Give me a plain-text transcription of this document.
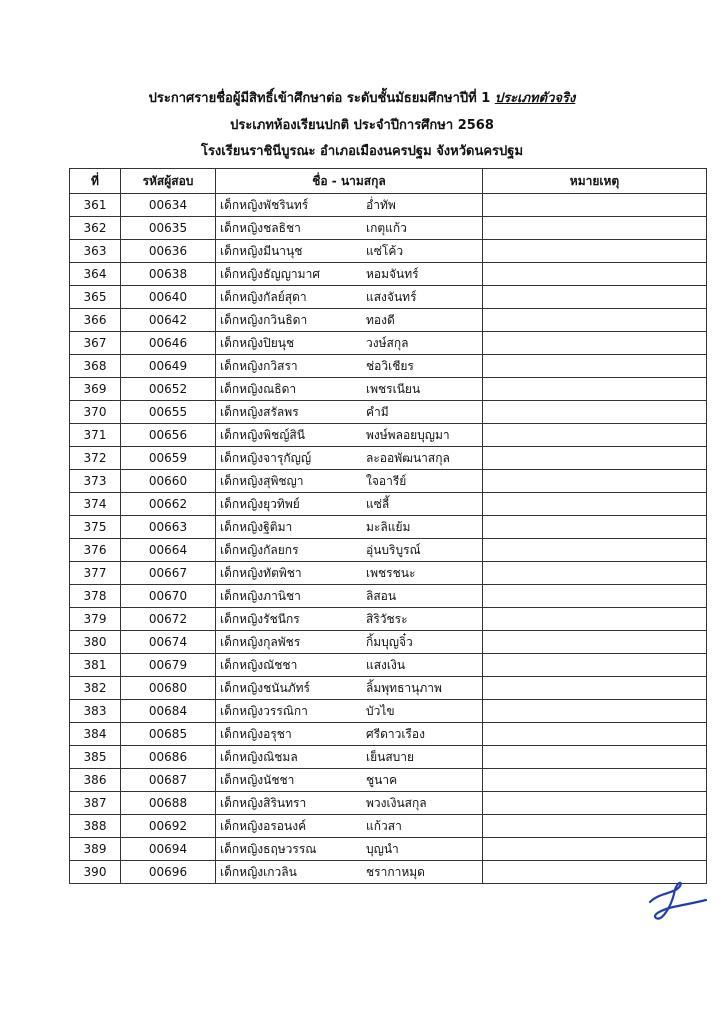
ประกาศรายชื่อผู้มีสิทธิ์เข้าศึกษาต่อ ระดับชั้นมัธยมศึกษาปีที่ 1 ประเภทตัวจริง
ประเภทห้องเรียนปกติ ประจำปีการศึกษา 2568
โรงเรียนราชินีบูรณะ อำเภอเมืองนครปฐม จังหวัดนครปฐม
ที่	รหัสผู้สอบ	ชื่อ - นามสกุล	หมายเหตุ
361	00634	เด็กหญิงพัชรินทร์ อ่ำทัพ	

362	00635	เด็กหญิงชลธิชา เกตุแก้ว	

363	00636	เด็กหญิงมีนานุช แซ่โค้ว	

364	00638	เด็กหญิงธัญญามาศ หอมจันทร์	

365	00640	เด็กหญิงกัลย์สุดา แสงจันทร์	

366	00642	เด็กหญิงกวินธิดา ทองดี	

367	00646	เด็กหญิงปิยนุช วงษ์สกุล	

368	00649	เด็กหญิงกวิสรา ช่อวิเชียร	

369	00652	เด็กหญิงณธิดา เพชรเนียน	

370	00655	เด็กหญิงสรัลพร คำมี	

371	00656	เด็กหญิงพิชญ์สินี พงษ์พลอยบุญมา	

372	00659	เด็กหญิงจารุกัญญ์ ละออพัฒนาสกุล	

373	00660	เด็กหญิงสุพิชญา ใจอารีย์	

374	00662	เด็กหญิงยุวทิพย์ แซ่ลี้	

375	00663	เด็กหญิงฐิติมา มะลิแย้ม	

376	00664	เด็กหญิงกัลยกร อุ่นบริบูรณ์	

377	00667	เด็กหญิงทัตพิชา เพชรชนะ	

378	00670	เด็กหญิงภานิชา ลิสอน	

379	00672	เด็กหญิงรัชนีกร สิริวัชระ	

380	00674	เด็กหญิงกุลพัชร กิ้มบุญจิ๋ว	

381	00679	เด็กหญิงณัชชา แสงเงิน	

382	00680	เด็กหญิงชนันภัทร์ ลิ้มพุทธานุภาพ	

383	00684	เด็กหญิงวรรณิกา บัวไข	

384	00685	เด็กหญิงอรุชา ศรีดาวเรือง	

385	00686	เด็กหญิงณิชมล เย็นสบาย	

386	00687	เด็กหญิงนัชชา ชูนาค	

387	00688	เด็กหญิงสิรินทรา พวงเงินสกุล	

388	00692	เด็กหญิงอรอนงค์ แก้วสา	

389	00694	เด็กหญิงธฤษวรรณ บุญนำ	

390	00696	เด็กหญิงเกวลิน ชรากาหมุด	
